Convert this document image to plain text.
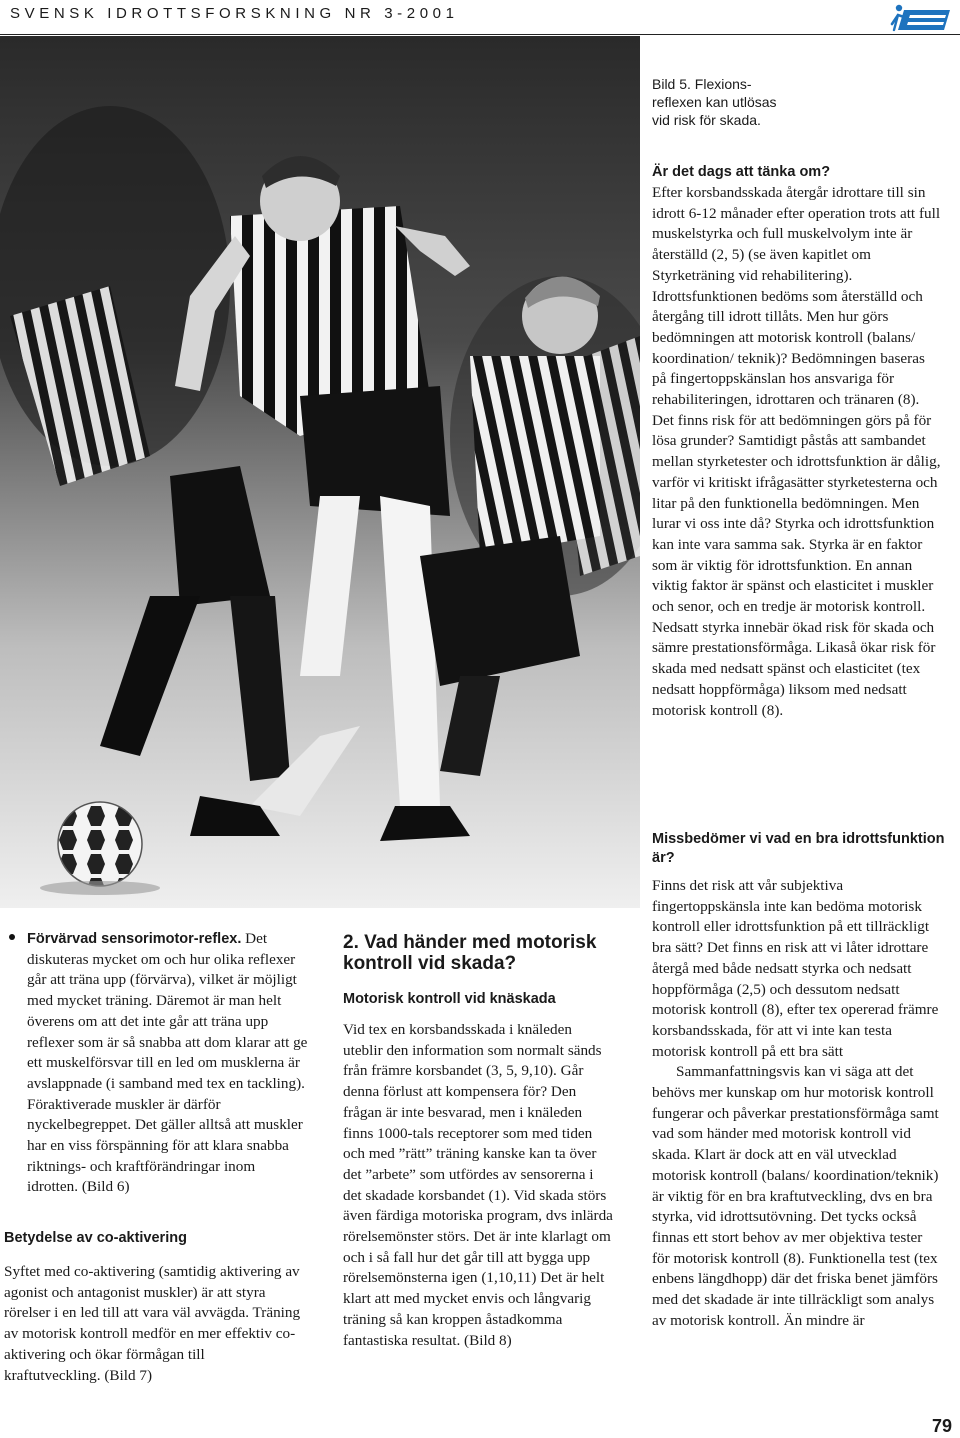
SVENSK IDROTTSFORSKNING NR 3-2001
Bild 5. Flexions-
reflexen kan utlösas
vid risk för skada.
Är det dags att tänka om?

Efter korsbandsskada återgår idrottare till sin idrott 6-12 månader efter operation trots att full muskelstyrka och full muskelvolym inte är återställd (2, 5) (se även kapitlet om Styrketräning vid rehabilitering). Idrottsfunktionen bedöms som återställd och återgång till idrott tillåts. Men hur görs bedömningen att motorisk kontroll (balans/ koordination/ teknik)? Bedömningen baseras på fingertoppskänslan hos ansvariga för rehabiliteringen, idrottaren och tränaren (8). Det finns risk för att bedömningen görs på för lösa grunder? Samtidigt påstås att sambandet mellan styrketester och idrottsfunktion är dålig, varför vi kritiskt ifrågasätter styrketesterna och litar på den funktionella bedömningen. Men lurar vi oss inte då? Styrka och idrottsfunktion kan inte vara samma sak. Styrka är en faktor som är viktig för idrottsfunktion. En annan viktig faktor är spänst och elasticitet i muskler och senor, och en tredje är motorisk kontroll. Nedsatt styrka innebär ökad risk för skada och sämre prestationsförmåga. Likaså ökar risk för skada med nedsatt spänst och elasticitet (tex nedsatt hoppförmåga) liksom med nedsatt motorisk kontroll (8).

Missbedömer vi vad en bra idrottsfunktion är?

Finns det risk att vår subjektiva fingertoppskänsla inte kan bedöma motorisk kontroll eller idrottsfunktion på ett tillräckligt bra sätt? Det finns en risk att vi låter idrottare återgå med både nedsatt styrka och nedsatt hoppförmåga (2,5) och dessutom nedsatt motorisk kontroll (8), efter tex opererad främre korsbandsskada, för att vi inte kan testa motorisk kontroll på ett bra sätt

Sammanfattningsvis kan vi säga att det behövs mer kunskap om hur motorisk kontroll fungerar och påverkar prestationsförmåga samt vad som händer med motorisk kontroll vid skada. Klart är dock att en väl utvecklad motorisk kontroll (balans/ koordination/teknik) är viktig för en bra kraftutveckling, dvs en bra styrka, vid idrottsutövning. Det tycks också finnas ett stort behov av mer objektiva tester för motorisk kontroll (8). Funktionella test (tex enbens längdhopp) där det friska benet jämförs med det skadade är inte tillräckligt som analys av motorisk kontroll. Än mindre är

Förvärvad sensorimotor-reflex. Det diskuteras mycket om och hur olika reflexer går att träna upp (förvärva), vilket är möjligt med mycket träning. Däremot är man helt överens om att det inte går att träna upp reflexer som är så snabba att dom klarar att ge ett muskelförsvar till en led om musklerna är avslappnade (i samband med tex en tackling). Föraktiverade muskler är därför nyckelbegreppet. Det gäller alltså att muskler har en viss förspänning för att klara snabba riktnings- och kraftförändringar inom idrotten. (Bild 6)

Betydelse av co-aktivering

Syftet med co-aktivering (samtidig aktivering av agonist och antagonist muskler) är att styra rörelser i en led till att vara väl avvägda. Träning av motorisk kontroll medför en mer effektiv co-aktivering och ökar förmågan till kraftutveckling. (Bild 7)

2. Vad händer med motorisk kontroll vid skada?
Motorisk kontroll vid knäskada

Vid tex en korsbandsskada i knäleden uteblir den information som normalt sänds från främre korsbandet (3, 5, 9,10). Går denna förlust att kompensera för? Den frågan är inte besvarad, men i knäleden finns 1000-tals receptorer som med tiden och med ”rätt” träning kanske kan ta över det ”arbete” som utfördes av sensorerna i det skadade korsbandet (1). Vid skada störs även färdiga motoriska program, dvs inlärda rörelsemönster störs. Det är inte klarlagt om och i så fall hur det går till att bygga upp rörelsemönsterna igen (1,10,11) Det är helt klart att med mycket envis och långvarig träning så kan kroppen åstadkomma fantastiska resultat. (Bild 8)

79
